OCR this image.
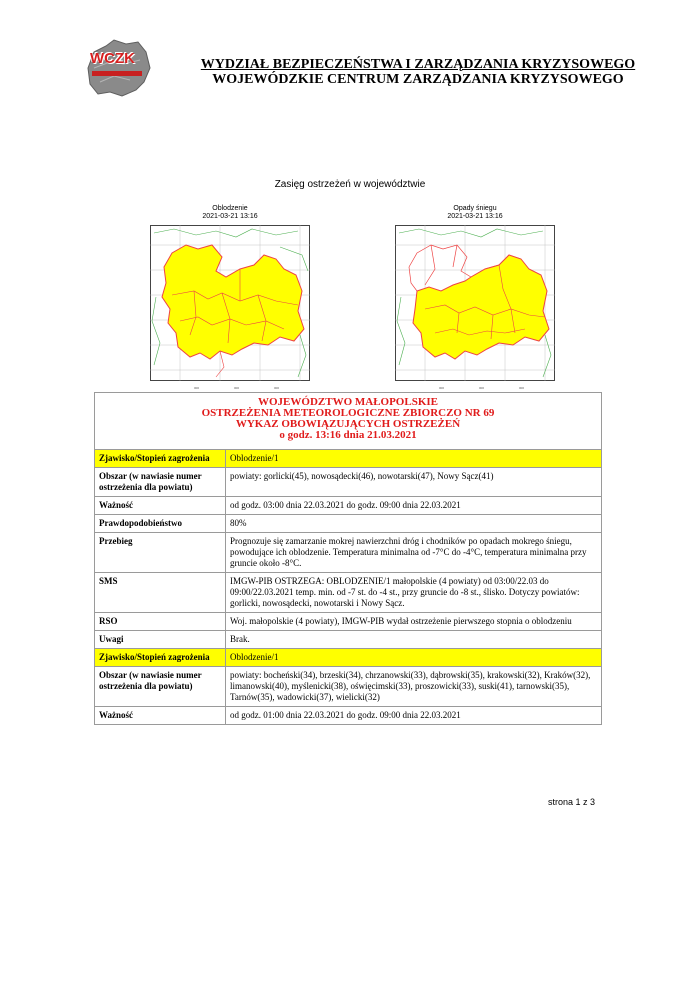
WCZK	WYDZIAŁ BEZPIECZEŃSTWA I ZARZĄDZANIA KRYZYSOWEGO
WOJEWÓDZKIE CENTRUM ZARZĄDZANIA KRYZYSOWEGO
Zasięg ostrzeżeń w województwie
Oblodzenie
2021-03-21 13:16
000	000	000
Opady śniegu
2021-03-21 13:16
000	000	000
WOJEWÓDZTWO MAŁOPOLSKIE
OSTRZEŻENIA METEOROLOGICZNE ZBIORCZO NR 69
WYKAZ OBOWIĄZUJĄCYCH OSTRZEŻEŃ
o godz. 13:16 dnia 21.03.2021	

Zjawisko/Stopień zagrożenia	Oblodzenie/1
Obszar (w nawiasie numer ostrzeżenia dla powiatu)	powiaty: gorlicki(45), nowosądecki(46), nowotarski(47), Nowy Sącz(41)
Ważność	od godz. 03:00 dnia 22.03.2021 do godz. 09:00 dnia 22.03.2021
Prawdopodobieństwo	80%
Przebieg	Prognozuje się zamarzanie mokrej nawierzchni dróg i chodników po opadach mokrego śniegu, powodujące ich oblodzenie. Temperatura minimalna od -7°C do -4°C, temperatura minimalna przy gruncie około -8°C.
SMS	IMGW-PIB OSTRZEGA: OBLODZENIE/1 małopolskie (4 powiaty) od 03:00/22.03 do 09:00/22.03.2021 temp. min. od -7 st. do -4 st., przy gruncie do -8 st., ślisko. Dotyczy powiatów: gorlicki, nowosądecki, nowotarski i Nowy Sącz.
RSO	Woj. małopolskie (4 powiaty), IMGW-PIB wydał ostrzeżenie pierwszego stopnia o oblodzeniu
Uwagi	Brak.
Zjawisko/Stopień zagrożenia	Oblodzenie/1
Obszar (w nawiasie numer ostrzeżenia dla powiatu)	powiaty: bocheński(34), brzeski(34), chrzanowski(33), dąbrowski(35), krakowski(32), Kraków(32), limanowski(40), myślenicki(38), oświęcimski(33), proszowicki(33), suski(41), tarnowski(35), Tarnów(35), wadowicki(37), wielicki(32)
Ważność	od godz. 01:00 dnia 22.03.2021 do godz. 09:00 dnia 22.03.2021
strona 1 z 3
